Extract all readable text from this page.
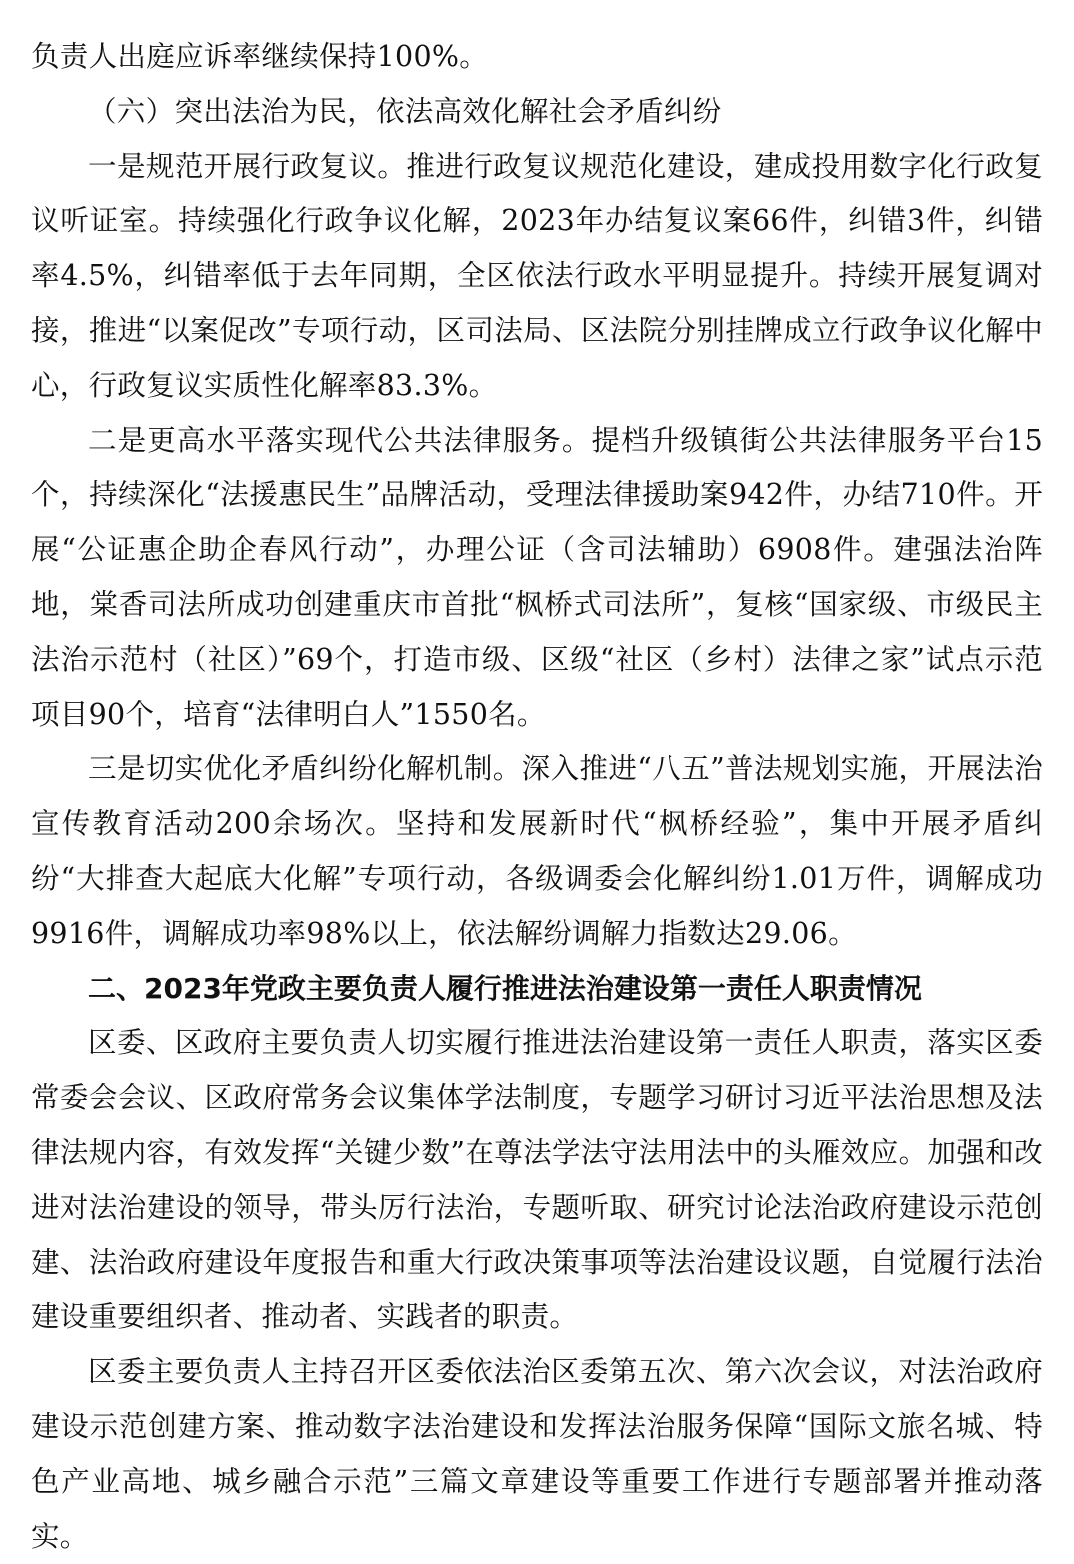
负责人出庭应诉率继续保持100%。

（六）突出法治为民，依法高效化解社会矛盾纠纷

一是规范开展行政复议。推进行政复议规范化建设，建成投用数字化行政复议听证室。持续强化行政争议化解，2023年办结复议案66件，纠错3件，纠错率4.5%，纠错率低于去年同期，全区依法行政水平明显提升。持续开展复调对接，推进“以案促改”专项行动，区司法局、区法院分别挂牌成立行政争议化解中心，行政复议实质性化解率83.3%。

二是更高水平落实现代公共法律服务。提档升级镇街公共法律服务平台15个，持续深化“法援惠民生”品牌活动，受理法律援助案942件，办结710件。开展“公证惠企助企春风行动”，办理公证（含司法辅助）6908件。建强法治阵地，棠香司法所成功创建重庆市首批“枫桥式司法所”，复核“国家级、市级民主法治示范村（社区）”69个，打造市级、区级“社区（乡村）法律之家”试点示范项目90个，培育“法律明白人”1550名。

三是切实优化矛盾纠纷化解机制。深入推进“八五”普法规划实施，开展法治宣传教育活动200余场次。坚持和发展新时代“枫桥经验”，集中开展矛盾纠纷“大排查大起底大化解”专项行动，各级调委会化解纠纷1.01万件，调解成功9916件，调解成功率98%以上，依法解纷调解力指数达29.06。

二、2023年党政主要负责人履行推进法治建设第一责任人职责情况

区委、区政府主要负责人切实履行推进法治建设第一责任人职责，落实区委常委会会议、区政府常务会议集体学法制度，专题学习研讨习近平法治思想及法律法规内容，有效发挥“关键少数”在尊法学法守法用法中的头雁效应。加强和改进对法治建设的领导，带头厉行法治，专题听取、研究讨论法治政府建设示范创建、法治政府建设年度报告和重大行政决策事项等法治建设议题，自觉履行法治建设重要组织者、推动者、实践者的职责。

区委主要负责人主持召开区委依法治区委第五次、第六次会议，对法治政府建设示范创建方案、推动数字法治建设和发挥法治服务保障“国际文旅名城、特色产业高地、城乡融合示范”三篇文章建设等重要工作进行专题部署并推动落实。
